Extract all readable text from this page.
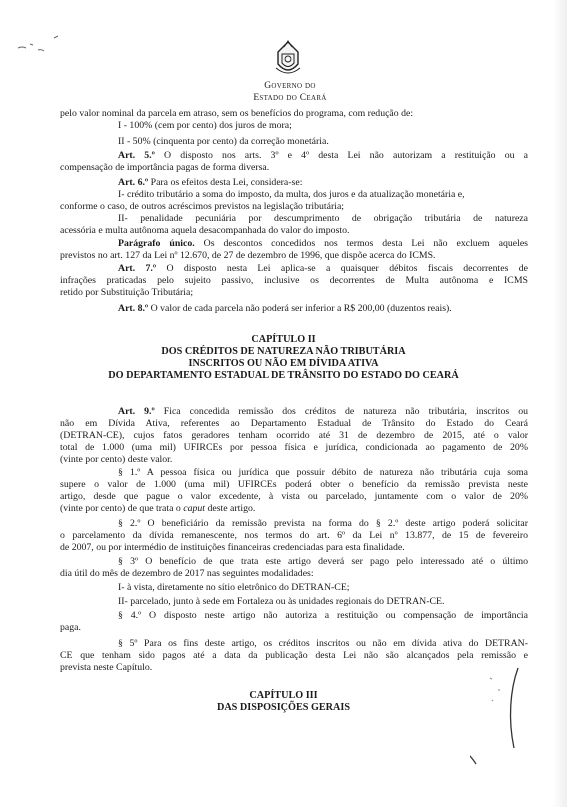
Governo do
Estado do Ceará
pelo valor nominal da parcela em atraso, sem os benefícios do programa, com redução de:
I - 100% (cem por cento) dos juros de mora;
II - 50% (cinquenta por cento) da correção monetária.
Art. 5.º O disposto nos arts. 3º e 4º desta Lei não autorizam a restituição ou a
compensação de importância pagas de forma diversa.
Art. 6.º Para os efeitos desta Lei, considera-se:
I- crédito tributário a soma do imposto, da multa, dos juros e da atualização monetária e,
conforme o caso, de outros acréscimos previstos na legislação tributária;
II- penalidade pecuniária por descumprimento de obrigação tributária de natureza
acessória e multa autônoma aquela desacompanhada do valor do imposto.
Parágrafo único. Os descontos concedidos nos termos desta Lei não excluem aqueles
previstos no art. 127 da Lei nº 12.670, de 27 de dezembro de 1996, que dispõe acerca do ICMS.
Art. 7.º O disposto nesta Lei aplica-se a quaisquer débitos fiscais decorrentes de
infrações praticadas pelo sujeito passivo, inclusive os decorrentes de Multa autônoma e ICMS
retido por Substituição Tributária;
Art. 8.º O valor de cada parcela não poderá ser inferior a R$ 200,00 (duzentos reais).
CAPÍTULO II
DOS CRÉDITOS DE NATUREZA NÃO TRIBUTÁRIA
INSCRITOS OU NÃO EM DÍVIDA ATIVA
DO DEPARTAMENTO ESTADUAL DE TRÂNSITO DO ESTADO DO CEARÁ
Art. 9.º Fica concedida remissão dos créditos de natureza não tributária, inscritos ou
não em Dívida Ativa, referentes ao Departamento Estadual de Trânsito do Estado do Ceará
(DETRAN-CE), cujos fatos geradores tenham ocorrido até 31 de dezembro de 2015, até o valor
total de 1.000 (uma mil) UFIRCEs por pessoa física e jurídica, condicionada ao pagamento de 20%
(vinte por cento) deste valor.
§ 1.º A pessoa física ou jurídica que possuir débito de natureza não tributária cuja soma
supere o valor de 1.000 (uma mil) UFIRCEs poderá obter o benefício da remissão prevista neste
artigo, desde que pague o valor excedente, à vista ou parcelado, juntamente com o valor de 20%
(vinte por cento) de que trata o caput deste artigo.
§ 2.º O beneficiário da remissão prevista na forma do § 2.º deste artigo poderá solicitar
o parcelamento da dívida remanescente, nos termos do art. 6º da Lei nº 13.877, de 15 de fevereiro
de 2007, ou por intermédio de instituições financeiras credenciadas para esta finalidade.
§ 3º O benefício de que trata este artigo deverá ser pago pelo interessado até o último
dia útil do mês de dezembro de 2017 nas seguintes modalidades:
I- à vista, diretamente no sítio eletrônico do DETRAN-CE;
II- parcelado, junto à sede em Fortaleza ou às unidades regionais do DETRAN-CE.
§ 4.º O disposto neste artigo não autoriza a restituição ou compensação de importância
paga.
§ 5º Para os fins deste artigo, os créditos inscritos ou não em dívida ativa do DETRAN-
CE que tenham sido pagos até a data da publicação desta Lei não são alcançados pela remissão e
prevista neste Capítulo.
CAPÍTULO III
DAS DISPOSIÇÕES GERAIS
